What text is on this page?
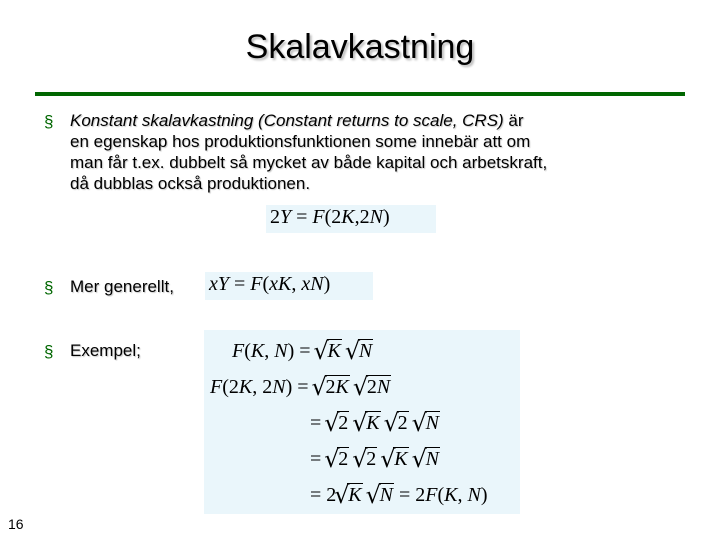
Skalavkastning
§ Konstant skalavkastning (Constant returns to scale, CRS) är
en egenskap hos produktionsfunktionen some innebär att om
man får t.ex. dubbelt så mycket av både kapital och arbetskraft,
då dubblas också produktionen.
2Y = F(2K,2N)
§ Mer generellt, xY = F(xK, xN)
§ Exempel;	F(K, N) = √ K √ N
F(2K, 2N) = √ 2K √ 2N
= √ 2 √ K √ 2 √ N
= √ 2 √ 2 √ K √ N
= 2 √ K √ N = 2F(K, N)
16
